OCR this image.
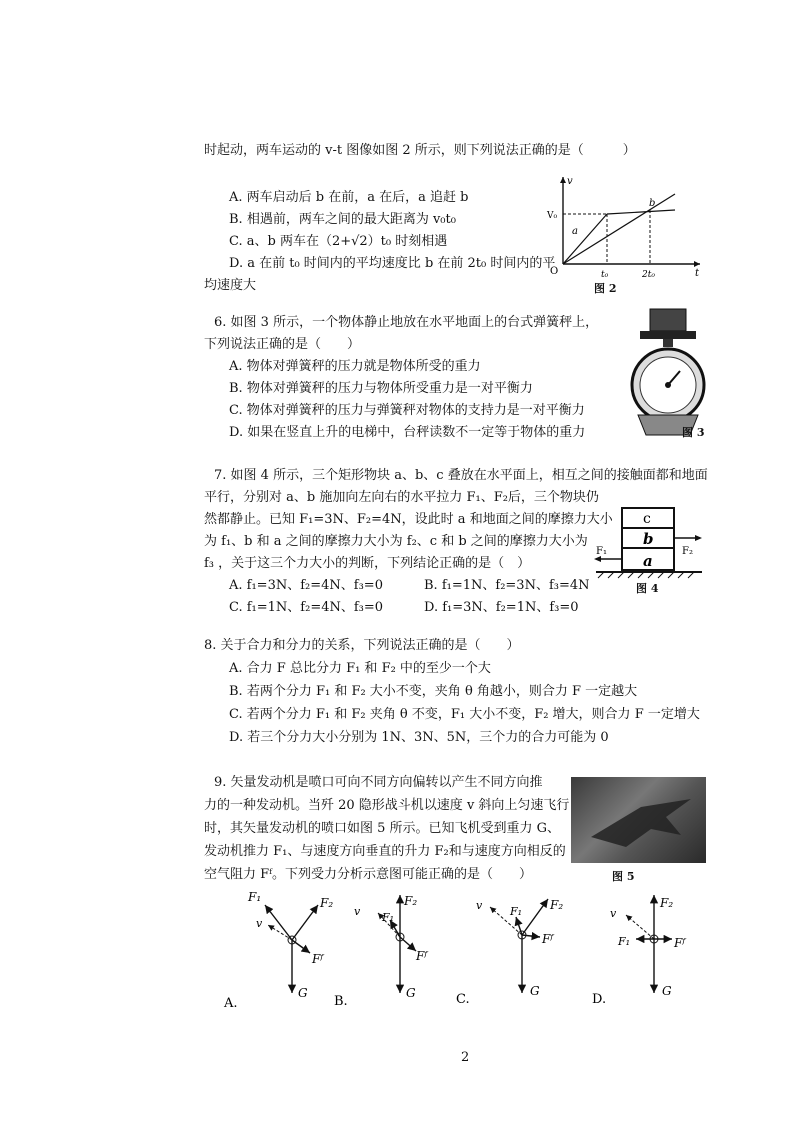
时起动，两车运动的 v-t 图像如图 2 所示，则下列说法正确的是（　　　）
A. 两车启动后 b 在前，a 在后，a 追赶 b
B. 相遇前，两车之间的最大距离为 v₀t₀
C. a、b 两车在（2+√2）t₀ 时刻相遇
D. a 在前 t₀ 时间内的平均速度比 b 在前 2t₀ 时间内的平
均速度大
v
t
O
V₀
t₀	2t₀
a
b
图 2
6. 如图 3 所示，一个物体静止地放在水平地面上的台式弹簧秤上，
下列说法正确的是（　　）
A. 物体对弹簧秤的压力就是物体所受的重力
B. 物体对弹簧秤的压力与物体所受重力是一对平衡力
C. 物体对弹簧秤的压力与弹簧秤对物体的支持力是一对平衡力
D. 如果在竖直上升的电梯中，台秤读数不一定等于物体的重力	图 3
7. 如图 4 所示，三个矩形物块 a、b、c 叠放在水平面上，相互之间的接触面都和地面
平行，分别对 a、b 施加向左向右的水平拉力 F₁、F₂后，三个物块仍
然都静止。已知 F₁=3N、F₂=4N，设此时 a 和地面之间的摩擦力大小
为 f₁、b 和 a 之间的摩擦力大小为 f₂、c 和 b 之间的摩擦力大小为
f₃ ，关于这三个力大小的判断，下列结论正确的是（　）
A. f₁=3N、f₂=4N、f₃=0	B. f₁=1N、f₂=3N、f₃=4N
C. f₁=1N、f₂=4N、f₃=0	D. f₁=3N、f₂=1N、f₃=0
c
b
a
F₁	F₂
图 4
8. 关于合力和分力的关系，下列说法正确的是（　　）
A. 合力 F 总比分力 F₁ 和 F₂ 中的至少一个大
B. 若两个分力 F₁ 和 F₂ 大小不变，夹角 θ 角越小，则合力 F 一定越大
C. 若两个分力 F₁ 和 F₂ 夹角 θ 不变，F₁ 大小不变，F₂ 增大，则合力 F 一定增大
D. 若三个分力大小分别为 1N、3N、5N，三个力的合力可能为 0
9. 矢量发动机是喷口可向不同方向偏转以产生不同方向推
力的一种发动机。当歼 20 隐形战斗机以速度 v 斜向上匀速飞行
时，其矢量发动机的喷口如图 5 所示。已知飞机受到重力 G、
发动机推力 F₁、与速度方向垂直的升力 F₂和与速度方向相反的
空气阻力 Fᶠ。下列受力分析示意图可能正确的是（　　）	图 5
F₁	F₂
v
Fᶠ
G
A.
F₂
F₁
v
Fᶠ
G
B.
F₂
F₁
v
Fᶠ
G
C.
F₂
F₁
v
Fᶠ
G
D.
2
